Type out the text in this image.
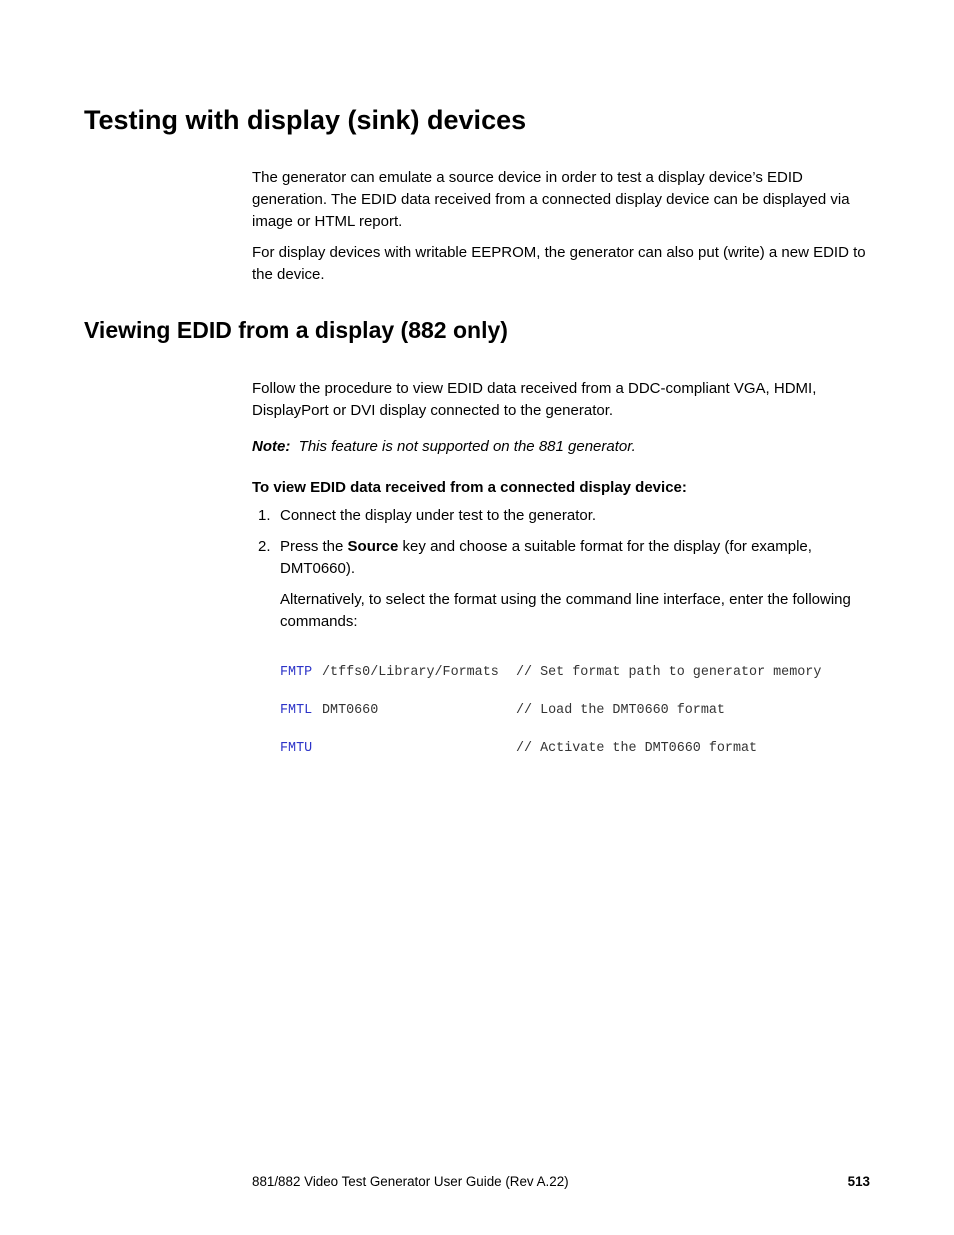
Testing with display (sink) devices

The generator can emulate a source device in order to test a display device’s EDID generation. The EDID data received from a connected display device can be displayed via image or HTML report.

For display devices with writable EEPROM, the generator can also put (write) a new EDID to the device.

Viewing EDID from a display (882 only)

Follow the procedure to view EDID data received from a DDC-compliant VGA, HDMI, DisplayPort or DVI display connected to the generator.

Note: This feature is not supported on the 881 generator.
To view EDID data received from a connected display device:
1. Connect the display under test to the generator.
2. Press the Source key and choose a suitable format for the display (for example, DMT0660).

Alternatively, to select the format using the command line interface, enter the following commands:

FMTP /tffs0/Library/Formats // Set format path to generator memory

FMTL DMT0660	// Load the DMT0660 format

FMTU	// Activate the DMT0660 format

881/882 Video Test Generator User Guide (Rev A.22)	513
